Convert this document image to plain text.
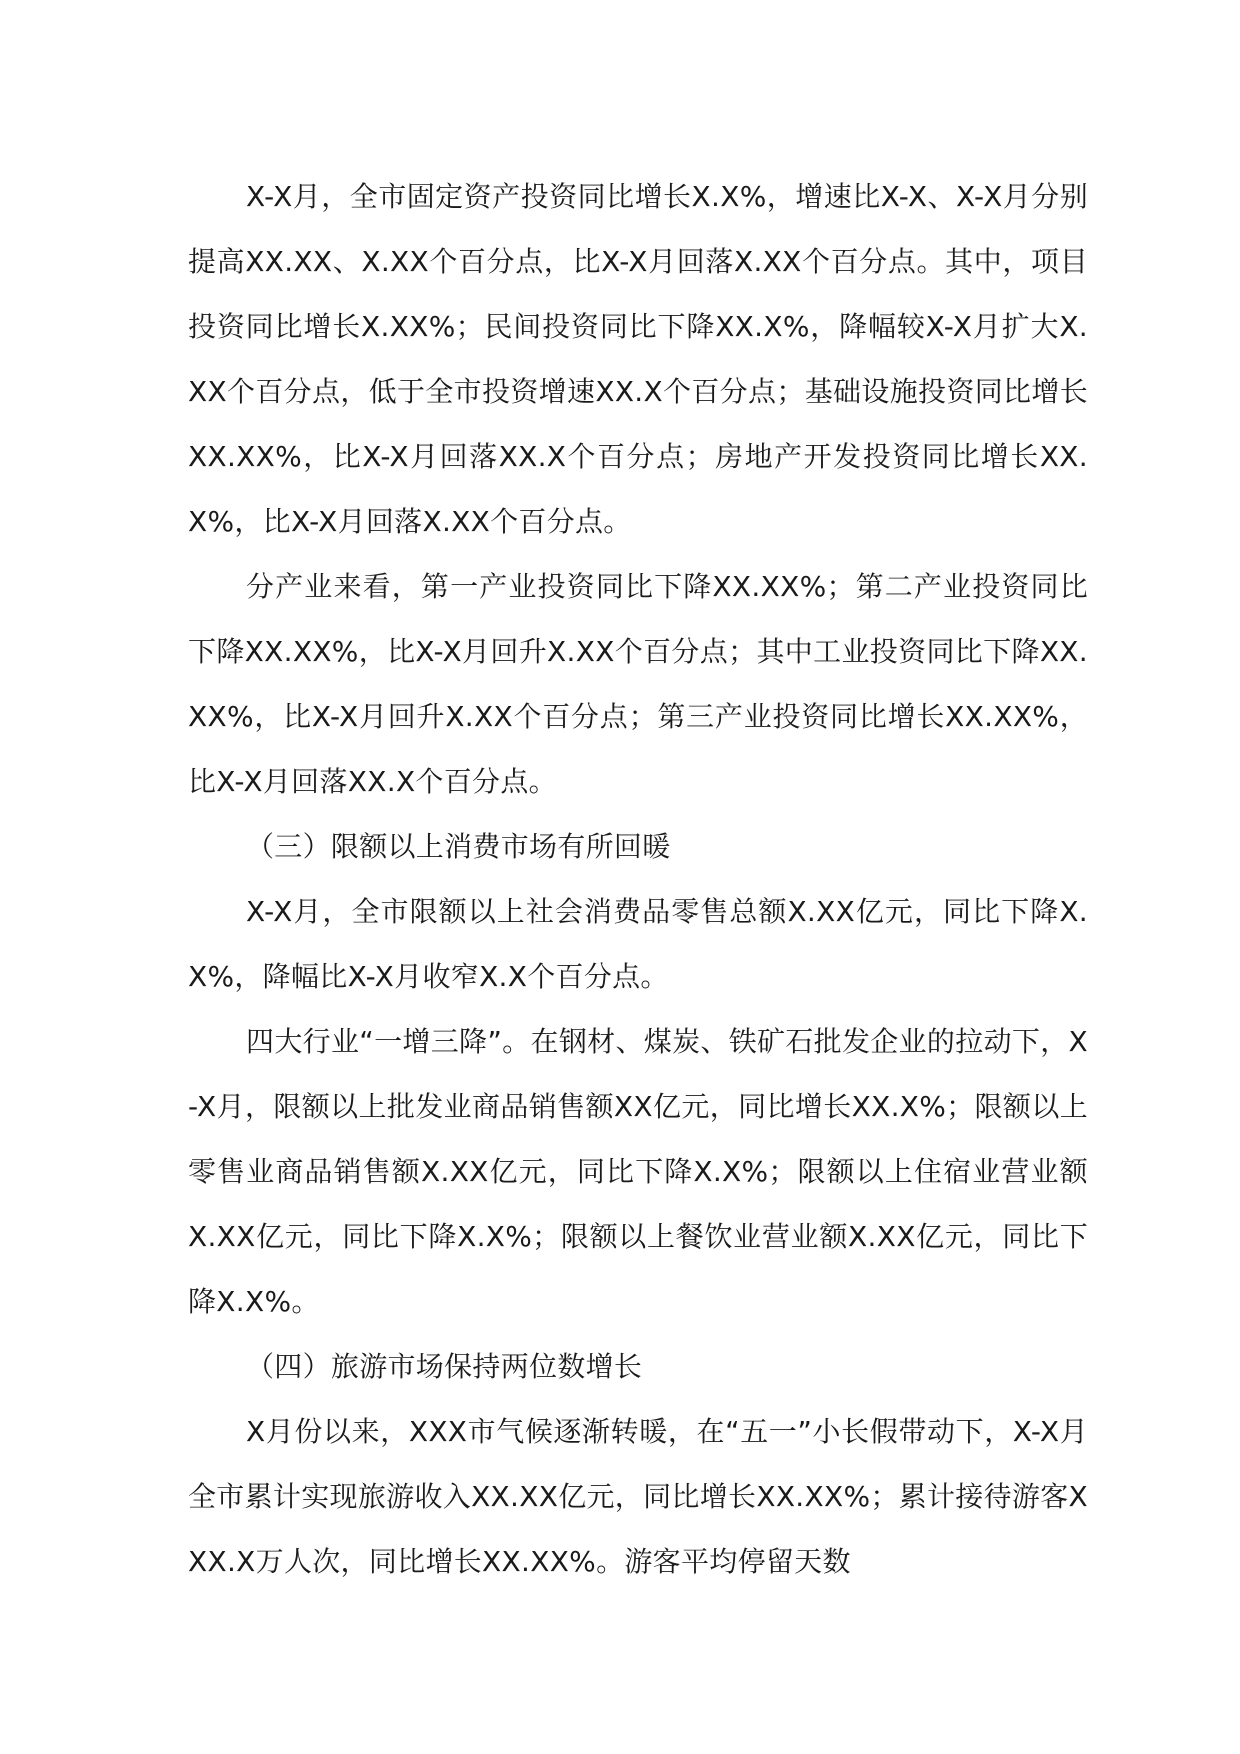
X-X月，全市固定资产投资同比增长X.X%，增速比X-X、X-X月分别提高XX.XX、X.XX个百分点，比X-X月回落X.XX个百分点。其中，项目投资同比增长X.XX%；民间投资同比下降XX.X%，降幅较X-X月扩大X.XX个百分点，低于全市投资增速XX.X个百分点；基础设施投资同比增长XX.XX%，比X-X月回落XX.X个百分点；房地产开发投资同比增长XX.X%，比X-X月回落X.XX个百分点。

分产业来看，第一产业投资同比下降XX.XX%；第二产业投资同比下降XX.XX%，比X-X月回升X.XX个百分点；其中工业投资同比下降XX.XX%，比X-X月回升X.XX个百分点；第三产业投资同比增长XX.XX%，比X-X月回落XX.X个百分点。

（三）限额以上消费市场有所回暖

X-X月，全市限额以上社会消费品零售总额X.XX亿元，同比下降X.X%，降幅比X-X月收窄X.X个百分点。

四大行业“一增三降”。在钢材、煤炭、铁矿石批发企业的拉动下，X-X月，限额以上批发业商品销售额XX亿元，同比增长XX.X%；限额以上零售业商品销售额X.XX亿元，同比下降X.X%；限额以上住宿业营业额X.XX亿元，同比下降X.X%；限额以上餐饮业营业额X.XX亿元，同比下降X.X%。

（四）旅游市场保持两位数增长

X月份以来，XXX市气候逐渐转暖，在“五一”小长假带动下，X-X月全市累计实现旅游收入XX.XX亿元，同比增长XX.XX%；累计接待游客XXX.X万人次，同比增长XX.XX%。游客平均停留天数
